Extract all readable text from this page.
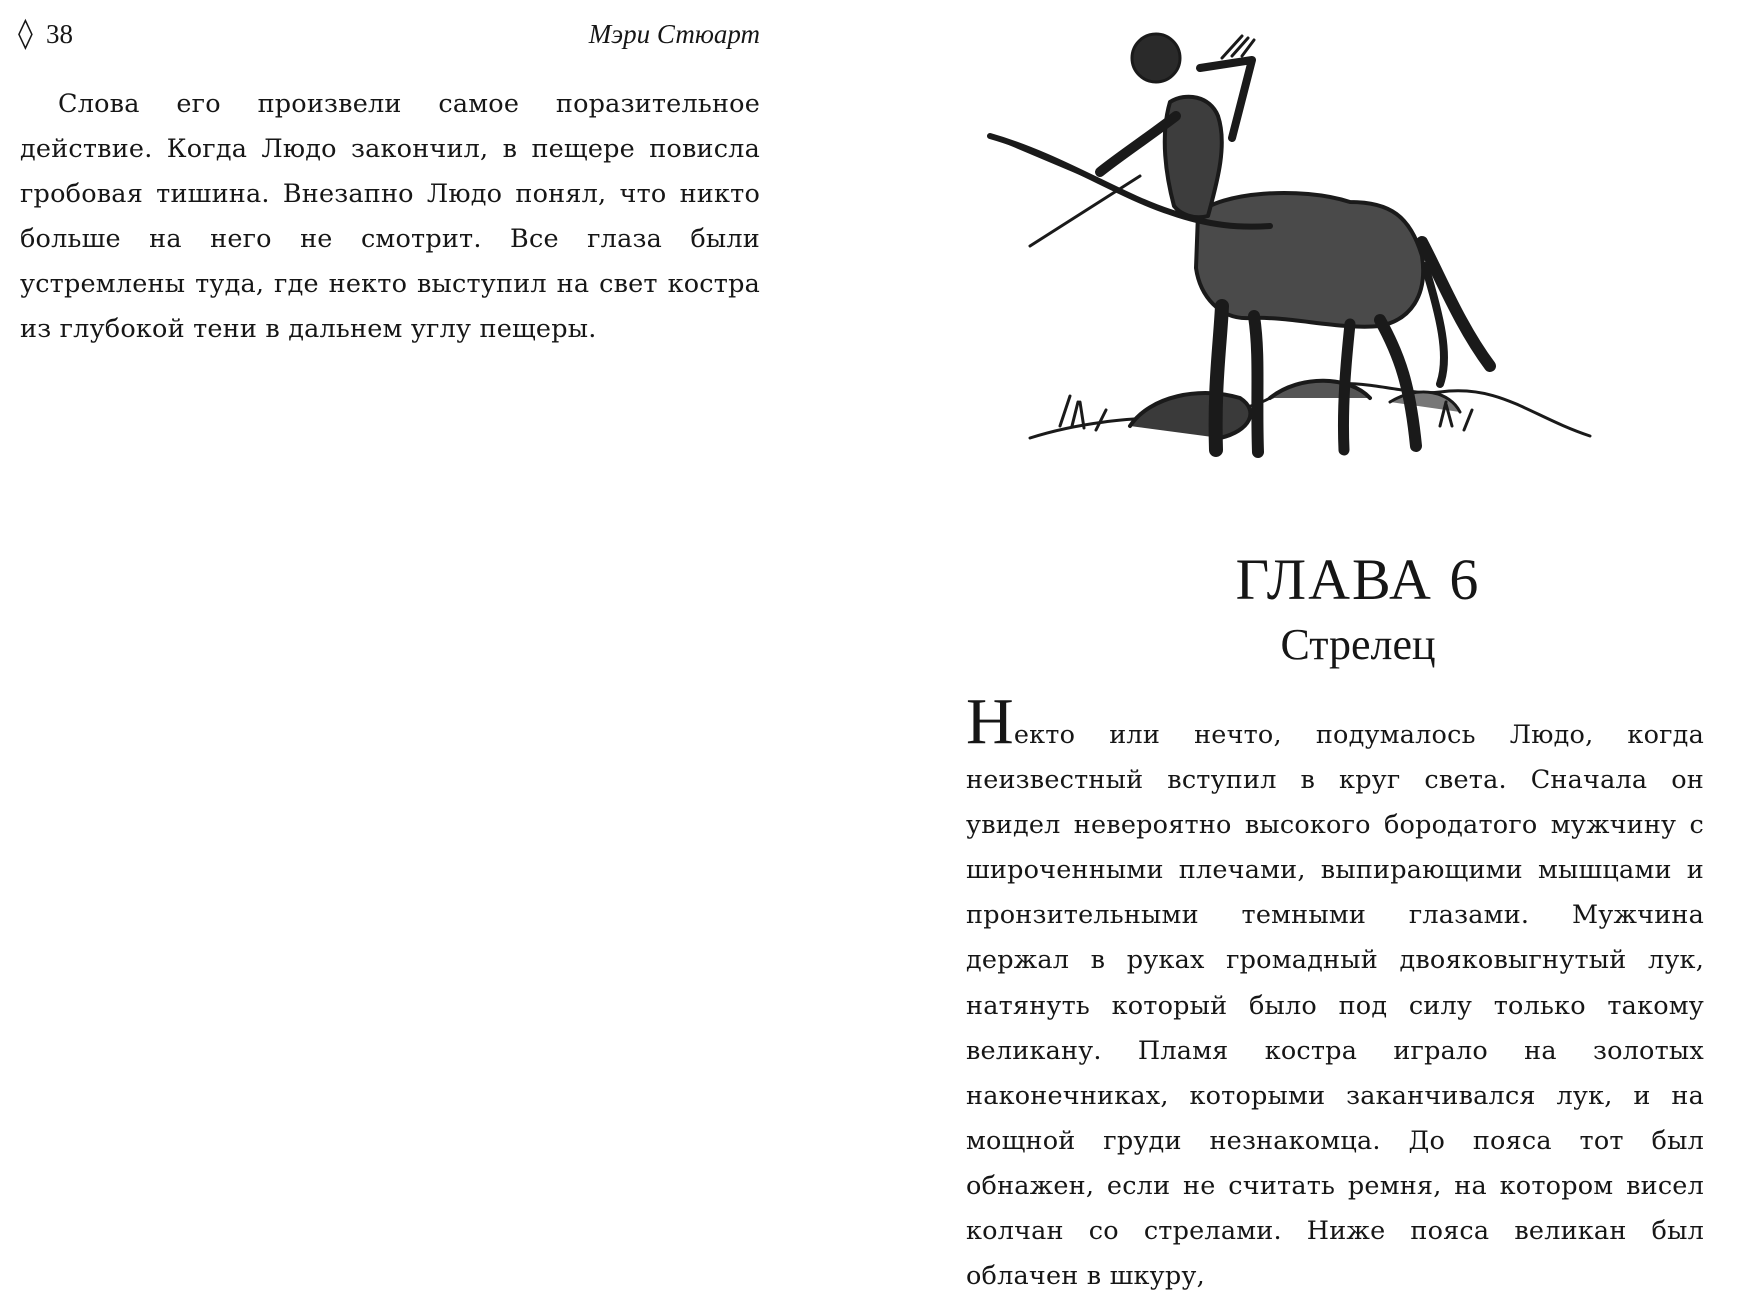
◊ 38	Мэри Стюарт

Слова его произвели самое поразительное действие. Когда Людо закончил, в пещере повисла гробовая тишина. Внезапно Людо понял, что никто больше на него не смотрит. Все глаза были устремлены туда, где некто выступил на свет костра из глубокой тени в дальнем углу пещеры.

ГЛАВА 6
Стрелец

Некто или нечто, подумалось Людо, когда неизвестный вступил в круг света. Сначала он увидел невероятно высокого бородатого мужчину с широченными плечами, выпирающими мышцами и пронзительными темными глазами. Мужчина держал в руках громадный двояковыгнутый лук, натянуть который было под силу только такому великану. Пламя костра играло на золотых наконечниках, которыми заканчивался лук, и на мощной груди незнакомца. До пояса тот был обнажен, если не считать ремня, на котором висел колчан со стрелами. Ниже пояса великан был облачен в шкуру,
